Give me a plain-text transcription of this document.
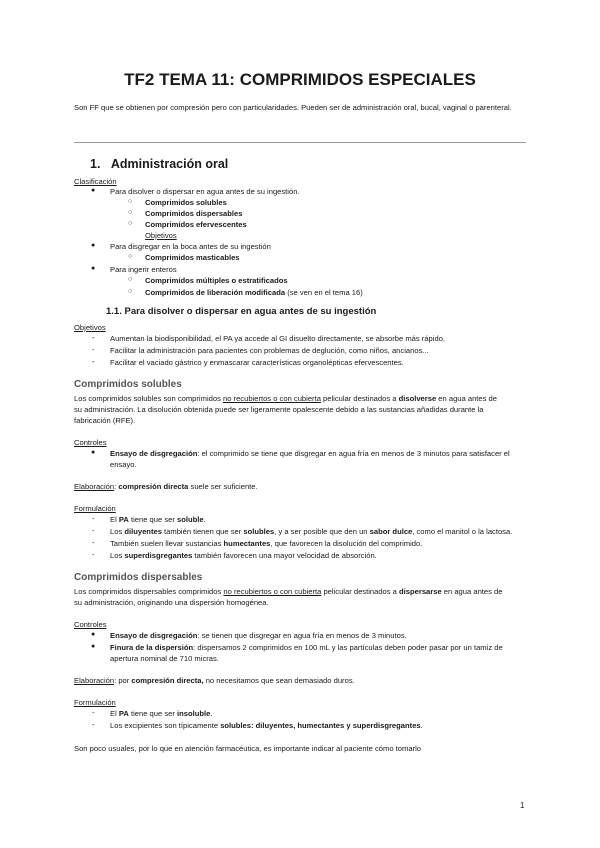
TF2 TEMA 11: COMPRIMIDOS ESPECIALES
Son FF que se obtienen por compresión pero con particularidades. Pueden ser de administración oral, bucal, vaginal o parenteral.
1. Administración oral
Clasificación
● Para disolver o dispersar en agua antes de su ingestión.
○ Comprimidos solubles
○ Comprimidos dispersables
○ Comprimidos efervescentes
Objetivos
● Para disgregar en la boca antes de su ingestión
○ Comprimidos masticables
● Para ingerir enteros
○ Comprimidos múltiples o estratificados
○ Comprimidos de liberación modificada (se ven en el tema 16)
1.1. Para disolver o dispersar en agua antes de su ingestión
Objetivos
- Aumentan la biodisponibilidad, el PA ya accede al GI disuelto directamente, se absorbe más rápido.
- Facilitar la administración para pacientes con problemas de deglución, como niños, ancianos...
- Facilitar el vaciado gástrico y enmascarar características organolépticas efervescentes.
Comprimidos solubles
Los comprimidos solubles son comprimidos no recubiertos o con cubierta pelicular destinados a disolverse en agua antes de
su administración. La disolución obtenida puede ser ligeramente opalescente debido a las sustancias añadidas durante la
fabricación (RFE).
Controles
● Ensayo de disgregación: el comprimido se tiene que disgregar en agua fría en menos de 3 minutos para satisfacer el
ensayo.
Elaboración: compresión directa suele ser suficiente.
Formulación
- El PA tiene que ser soluble.
- Los diluyentes también tienen que ser solubles, y a ser posible que den un sabor dulce, como el manitol o la lactosa.
- También suelen llevar sustancias humectantes, que favorecen la disolución del comprimido.
- Los superdisgregantes también favorecen una mayor velocidad de absorción.
Comprimidos dispersables
Los comprimidos dispersables comprimidos no recubiertos o con cubierta pelicular destinados a dispersarse en agua antes de
su administración, originando una dispersión homogénea.
Controles
● Ensayo de disgregación: se tienen que disgregar en agua fría en menos de 3 minutos.
● Finura de la dispersión: dispersamos 2 comprimidos en 100 mL y las partículas deben poder pasar por un tamiz de
apertura nominal de 710 micras.
Elaboración: por compresión directa, no necesitamos que sean demasiado duros.
Formulación
- El PA tiene que ser insoluble.
- Los excipientes son típicamente solubles: diluyentes, humectantes y superdisgregantes.
Son poco usuales, por lo que en atención farmacéutica, es importante indicar al paciente cómo tomarlo
1
